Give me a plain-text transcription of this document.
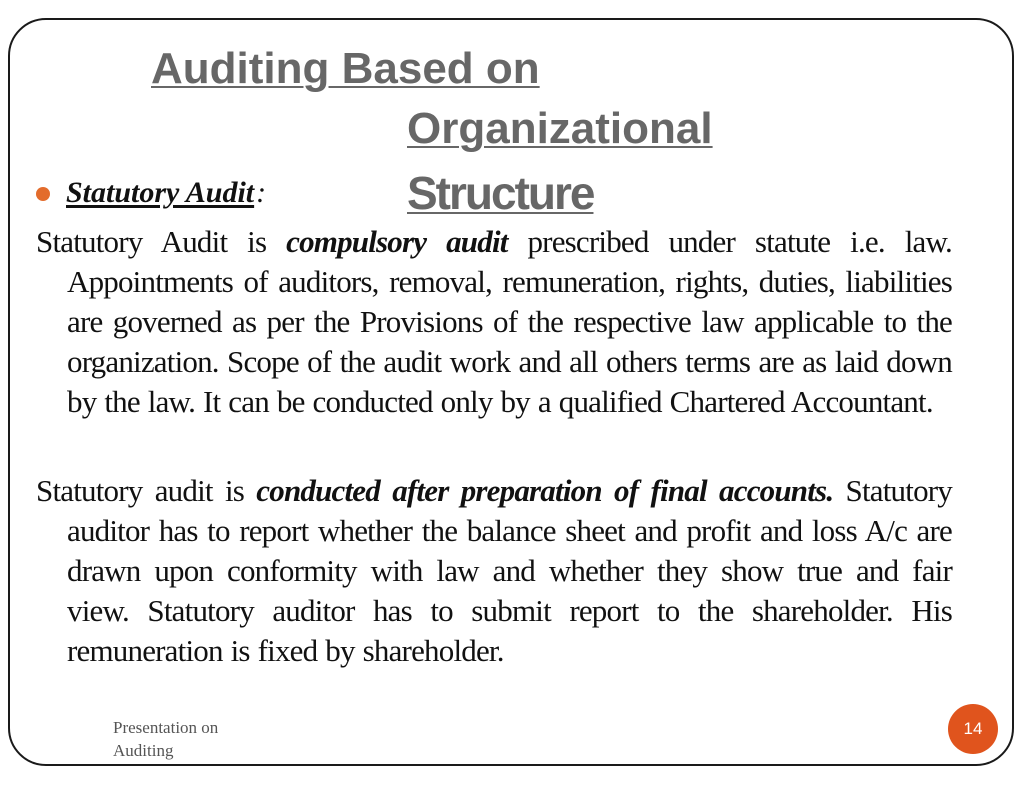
Auditing Based on
Organizational
Structure
Statutory Audit :

Statutory Audit is compulsory audit prescribed under statute i.e. law. Appointments of auditors, removal, remuneration, rights, duties, liabilities are governed as per the Provisions of the respective law applicable to the organization. Scope of the audit work and all others terms are as laid down by the law. It can be conducted only by a qualified Chartered Accountant.

Statutory audit is conducted after preparation of final accounts. Statutory auditor has to report whether the balance sheet and profit and loss A/c are drawn upon conformity with law and whether they show true and fair view. Statutory auditor has to submit report to the shareholder. His remuneration is fixed by shareholder.

Presentation on
Auditing

14
